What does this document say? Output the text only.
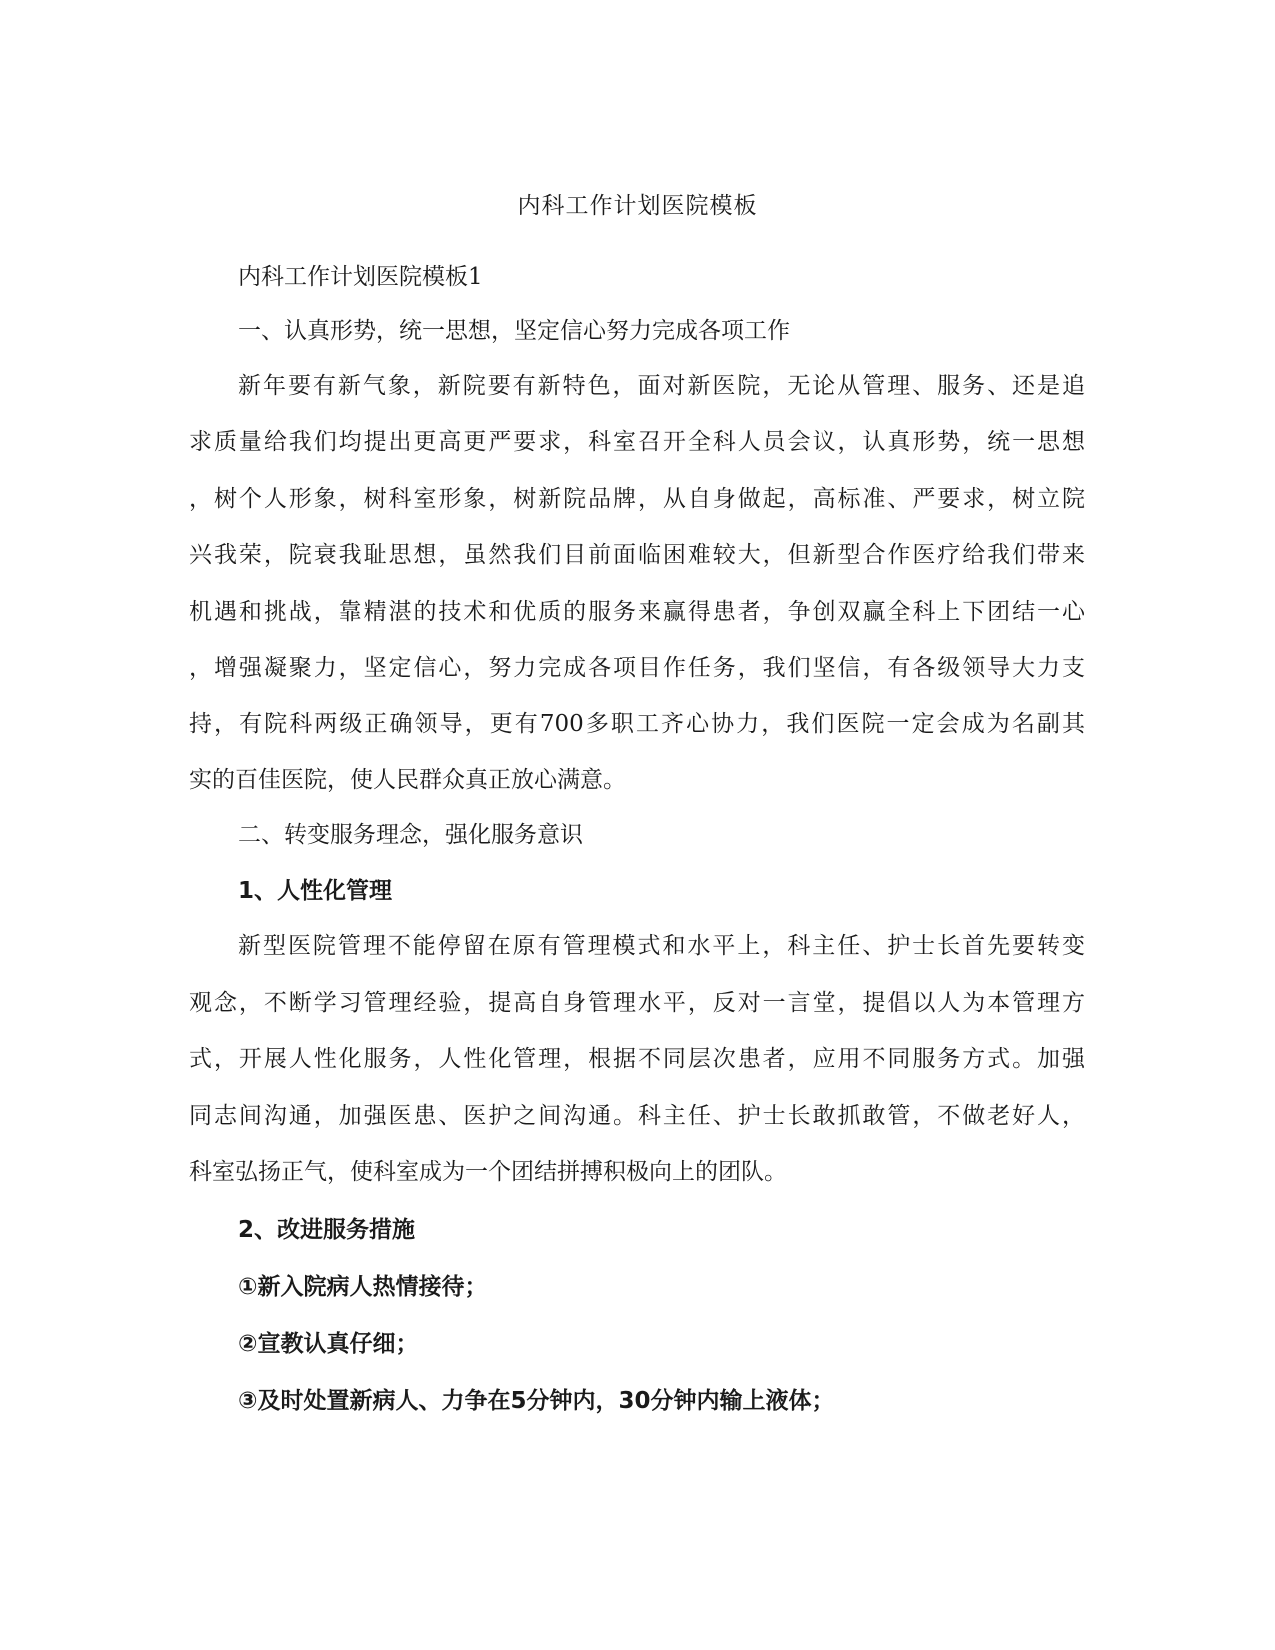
内科工作计划医院模板
内科工作计划医院模板1
一、认真形势，统一思想，坚定信心努力完成各项工作
新年要有新气象，新院要有新特色，面对新医院，无论从管理、服务、还是追
求质量给我们均提出更高更严要求，科室召开全科人员会议，认真形势，统一思想
，树个人形象，树科室形象，树新院品牌，从自身做起，高标准、严要求，树立院
兴我荣，院衰我耻思想，虽然我们目前面临困难较大，但新型合作医疗给我们带来
机遇和挑战，靠精湛的技术和优质的服务来赢得患者，争创双赢全科上下团结一心
，增强凝聚力，坚定信心，努力完成各项目作任务，我们坚信，有各级领导大力支
持，有院科两级正确领导，更有700多职工齐心协力，我们医院一定会成为名副其
实的百佳医院，使人民群众真正放心满意。
二、转变服务理念，强化服务意识
1、人性化管理
新型医院管理不能停留在原有管理模式和水平上，科主任、护士长首先要转变
观念，不断学习管理经验，提高自身管理水平，反对一言堂，提倡以人为本管理方
式，开展人性化服务，人性化管理，根据不同层次患者，应用不同服务方式。加强
同志间沟通，加强医患、医护之间沟通。科主任、护士长敢抓敢管，不做老好人，
科室弘扬正气，使科室成为一个团结拼搏积极向上的团队。
2、改进服务措施
①新入院病人热情接待；
②宣教认真仔细；
③及时处置新病人、力争在5分钟内，30分钟内输上液体；
